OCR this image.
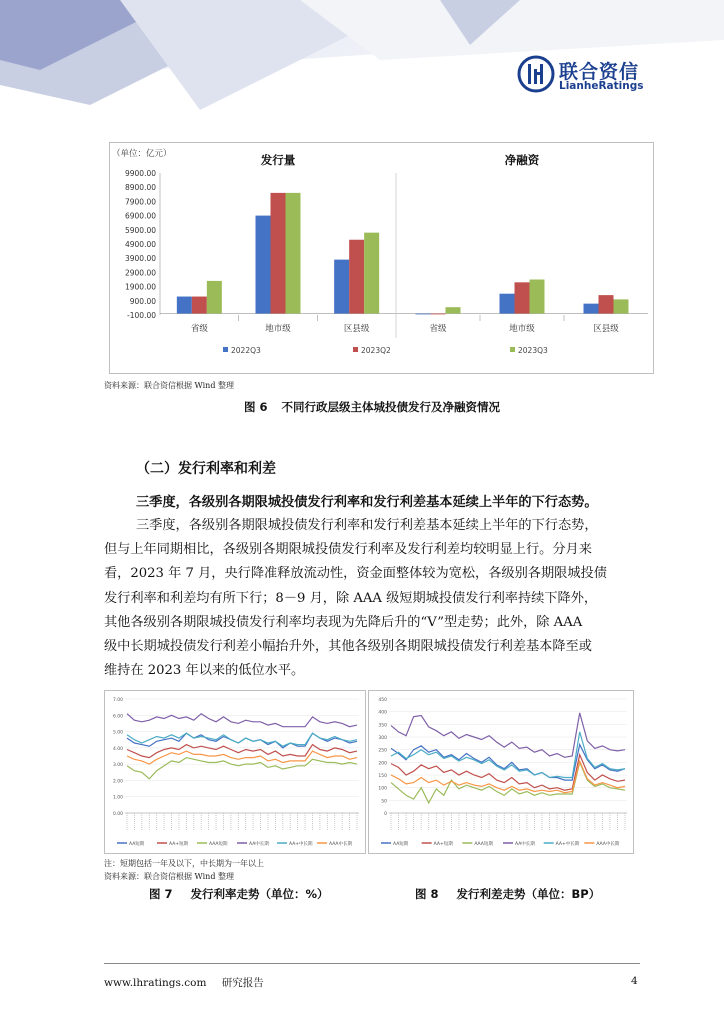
联合资信
LianheRatings
（单位：亿元）
9900.00
8900.00
7900.00
6900.00
5900.00
4900.00
3900.00
2900.00
1900.00
900.00
-100.00
发行量
省级	地市级	区县级
净融资
省级	地市级	区县级
2022Q3	2023Q2	2023Q3
资料来源：联合资信根据 Wind 整理
图 6 不同行政层级主体城投债发行及净融资情况
（二）发行利率和利差
三季度，各级别各期限城投债发行利率和发行利差基本延续上半年的下行态势。
三季度，各级别各期限城投债发行利率和发行利差基本延续上半年的下行态势，
但与上年同期相比，各级别各期限城投债发行利率及发行利差均较明显上行。分月来
看，2023 年 7 月，央行降准释放流动性，资金面整体较为宽松，各级别各期限城投债
发行利率和利差均有所下行；8－9 月，除 AAA 级短期城投债发行利率持续下降外，
其他各级别各期限城投债发行利率均表现为先降后升的“V”型走势；此外，除 AAA
级中长期城投债发行利差小幅抬升外，其他各级别各期限城投债发行利差基本降至或
维持在 2023 年以来的低位水平。
7.00
6.00
5.00
4.00
3.00
2.00
1.00
0.00
AA短期	AA+短期	AAA短期	AA中长期	AA+中长期	AAA中长期
450
400
350
300
250
200
150
100
50
0
AA短期	AA+短期	AAA短期	AA中长期	AA+中长期	AAA中长期
注：短期包括一年及以下，中长期为一年以上
资料来源：联合资信根据 Wind 整理
图 7 发行利率走势（单位：%）	图 8 发行利差走势（单位：BP）
www.lhratings.com 研究报告	4
